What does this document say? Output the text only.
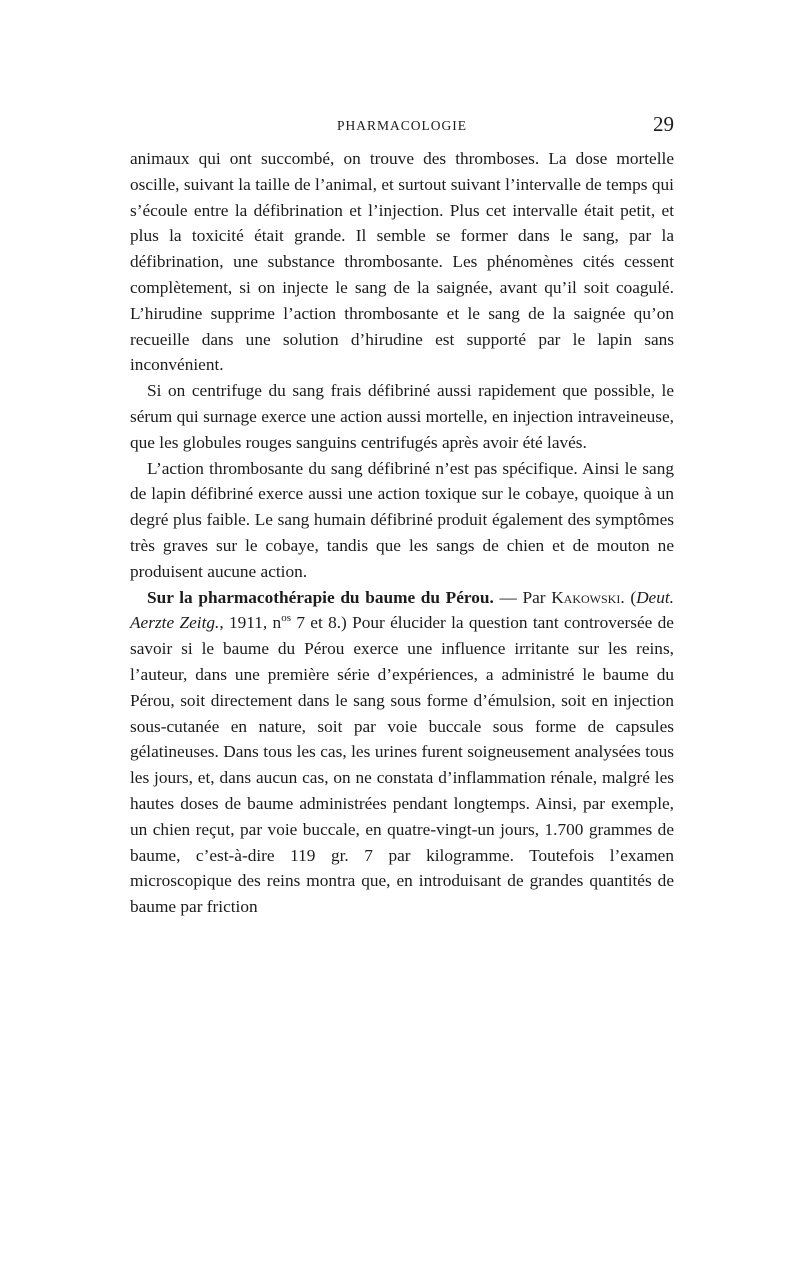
PHARMACOLOGIE	29

animaux qui ont succombé, on trouve des thromboses. La dose mortelle oscille, suivant la taille de l’animal, et surtout suivant l’intervalle de temps qui s’écoule entre la défibrination et l’injection. Plus cet intervalle était petit, et plus la toxicité était grande. Il semble se former dans le sang, par la défibrination, une substance thrombosante. Les phénomènes cités cessent complètement, si on injecte le sang de la saignée, avant qu’il soit coagulé. L’hirudine supprime l’action thrombosante et le sang de la saignée qu’on recueille dans une solution d’hirudine est supporté par le lapin sans inconvénient.

Si on centrifuge du sang frais défibriné aussi rapidement que possible, le sérum qui surnage exerce une action aussi mortelle, en injection intraveineuse, que les globules rouges sanguins centrifugés après avoir été lavés.

L’action thrombosante du sang défibriné n’est pas spécifique. Ainsi le sang de lapin défibriné exerce aussi une action toxique sur le cobaye, quoique à un degré plus faible. Le sang humain défibriné produit également des symptômes très graves sur le cobaye, tandis que les sangs de chien et de mouton ne produisent aucune action.

Sur la pharmacothérapie du baume du Pérou. — Par Kakowski. (Deut. Aerzte Zeitg., 1911, $n^{os}$ 7 et 8.) Pour élucider la question tant controversée de savoir si le baume du Pérou exerce une influence irritante sur les reins, l’auteur, dans une première série d’expériences, a administré le baume du Pérou, soit directement dans le sang sous forme d’émulsion, soit en injection sous-cutanée en nature, soit par voie buccale sous forme de capsules gélatineuses. Dans tous les cas, les urines furent soigneusement analysées tous les jours, et, dans aucun cas, on ne constata d’inflammation rénale, malgré les hautes doses de baume administrées pendant longtemps. Ainsi, par exemple, un chien reçut, par voie buccale, en quatre-vingt-un jours, 1.700 grammes de baume, c’est-à-dire 119 gr. 7 par kilogramme. Toutefois l’examen microscopique des reins montra que, en introduisant de grandes quantités de baume par friction
